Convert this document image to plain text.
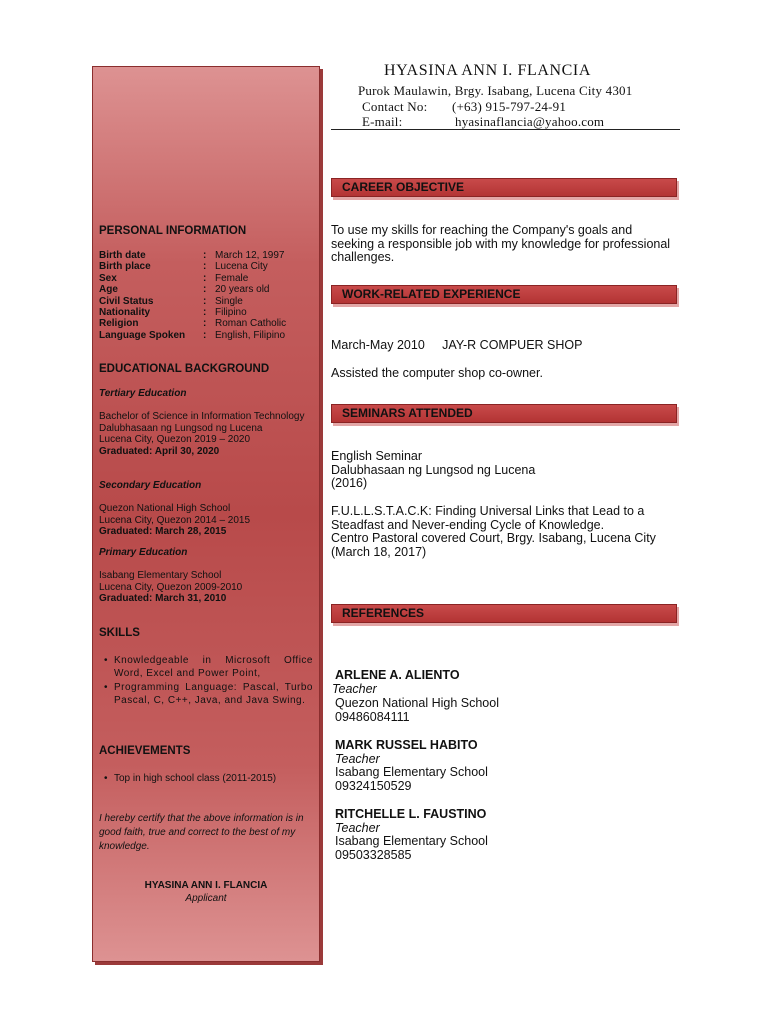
PERSONAL INFORMATION
Birth date	: March 12, 1997
Birth place	: Lucena City
Sex	: Female
Age	: 20 years old
Civil Status	: Single
Nationality	: Filipino
Religion	: Roman Catholic
Language Spoken	: English, Filipino
EDUCATIONAL BACKGROUND
Tertiary Education
Bachelor of Science in Information Technology
Dalubhasaan ng Lungsod ng Lucena
Lucena City, Quezon 2019 – 2020
Graduated: April 30, 2020
Secondary Education
Quezon National High School
Lucena City, Quezon 2014 – 2015
Graduated: March 28, 2015
Primary Education
Isabang Elementary School
Lucena City, Quezon 2009-2010
Graduated: March 31, 2010
SKILLS
• Knowledgeable in Microsoft Office Word, Excel and Power Point,
• Programming Language: Pascal, Turbo Pascal, C, C++, Java, and Java Swing.
ACHIEVEMENTS
• Top in high school class (2011-2015)
I hereby certify that the above information is in good faith, true and correct to the best of my knowledge.
HYASINA ANN I. FLANCIA
Applicant
HYASINA ANN I. FLANCIA
Purok Maulawin, Brgy. Isabang, Lucena City 4301
Contact No: (+63) 915-797-24-91
E-mail:	hyasinaflancia@yahoo.com
CAREER OBJECTIVE
To use my skills for reaching the Company's goals and seeking a responsible job with my knowledge for professional challenges.
WORK-RELATED EXPERIENCE
March-May 2010 JAY-R COMPUER SHOP
Assisted the computer shop co-owner.
SEMINARS ATTENDED
English Seminar
Dalubhasaan ng Lungsod ng Lucena
(2016)
F.U.L.L.S.T.A.C.K: Finding Universal Links that Lead to a Steadfast and Never-ending Cycle of Knowledge.
Centro Pastoral covered Court, Brgy. Isabang, Lucena City
(March 18, 2017)
REFERENCES
ARLENE A. ALIENTO
Teacher
Quezon National High School
09486084111
MARK RUSSEL HABITO
Teacher
Isabang Elementary School
09324150529
RITCHELLE L. FAUSTINO
Teacher
Isabang Elementary School
09503328585
